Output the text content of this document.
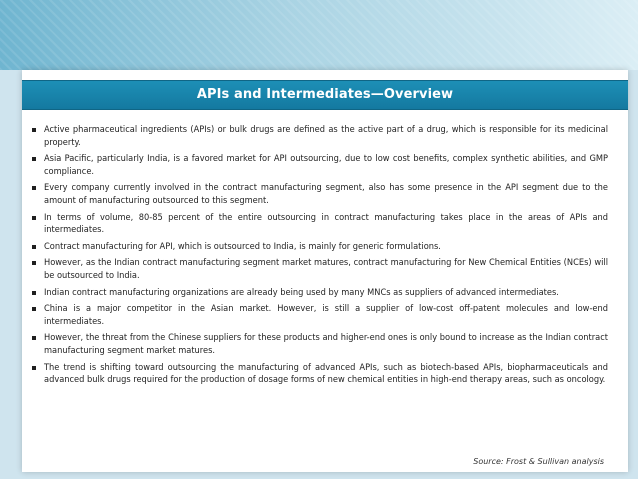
APIs and Intermediates—Overview
Active pharmaceutical ingredients (APIs) or bulk drugs are defined as the active part of a drug, which is responsible for its medicinal property.
Asia Pacific, particularly India, is a favored market for API outsourcing, due to low cost benefits, complex synthetic abilities, and GMP compliance.
Every company currently involved in the contract manufacturing segment, also has some presence in the API segment due to the amount of manufacturing outsourced to this segment.
In terms of volume, 80-85 percent of the entire outsourcing in contract manufacturing takes place in the areas of APIs and intermediates.
Contract manufacturing for API, which is outsourced to India, is mainly for generic formulations.
However, as the Indian contract manufacturing segment market matures, contract manufacturing for New Chemical Entities (NCEs) will be outsourced to India.
Indian contract manufacturing organizations are already being used by many MNCs as suppliers of advanced intermediates.
China is a major competitor in the Asian market. However, is still a supplier of low-cost off-patent molecules and low-end intermediates.
However, the threat from the Chinese suppliers for these products and higher-end ones is only bound to increase as the Indian contract manufacturing segment market matures.
The trend is shifting toward outsourcing the manufacturing of advanced APIs, such as biotech-based APIs, biopharmaceuticals and advanced bulk drugs required for the production of dosage forms of new chemical entities in high-end therapy areas, such as oncology.
Source: Frost & Sullivan analysis
